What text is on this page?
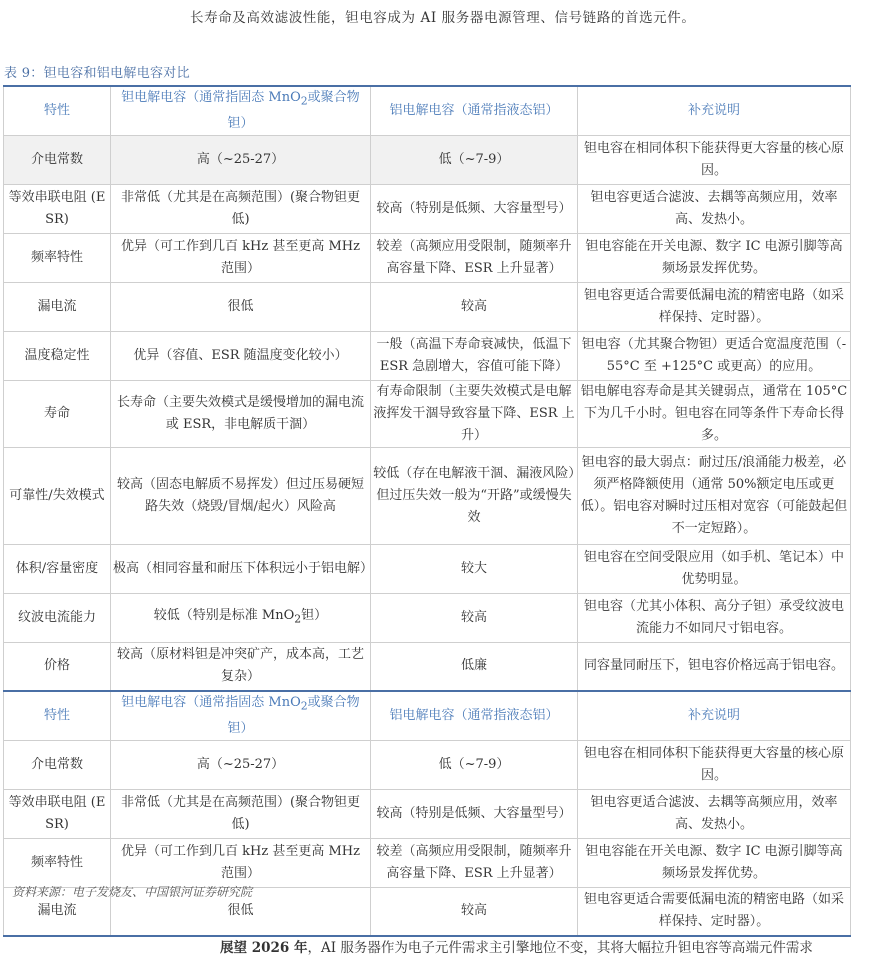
长寿命及高效滤波性能，钽电容成为 AI 服务器电源管理、信号链路的首选元件。
表 9：钽电容和铝电解电容对比
特性	钽电解电容（通常指固态 MnO$_2$或聚合物钽）	铝电解电容（通常指液态铝）	补充说明
介电常数	高（~25-27）	低（~7-9）	钽电容在相同体积下能获得更大容量的核心原因。
等效串联电阻 (ESR)	非常低（尤其是在高频范围）(聚合物钽更低)	较高（特别是低频、大容量型号）	钽电容更适合滤波、去耦等高频应用，效率高、发热小。
频率特性	优异（可工作到几百 kHz 甚至更高 MHz 范围）	较差（高频应用受限制，随频率升高容量下降、ESR 上升显著）	钽电容能在开关电源、数字 IC 电源引脚等高频场景发挥优势。
漏电流	很低	较高	钽电容更适合需要低漏电流的精密电路（如采样保持、定时器）。
温度稳定性	优异（容值、ESR 随温度变化较小）	一般（高温下寿命衰减快，低温下 ESR 急剧增大，容值可能下降）	钽电容（尤其聚合物钽）更适合宽温度范围（-55°C 至 +125°C 或更高）的应用。
寿命	长寿命（主要失效模式是缓慢增加的漏电流或 ESR，非电解质干涸）	有寿命限制（主要失效模式是电解液挥发干涸导致容量下降、ESR 上升）	铝电解电容寿命是其关键弱点，通常在 105°C 下为几千小时。钽电容在同等条件下寿命长得多。
可靠性/失效模式	较高（固态电解质不易挥发）但过压易硬短路失效（烧毁/冒烟/起火）风险高	较低（存在电解液干涸、漏液风险）但过压失效一般为“开路”或缓慢失效	钽电容的最大弱点：耐过压/浪涌能力极差，必须严格降额使用（通常 50%额定电压或更低）。铝电容对瞬时过压相对宽容（可能鼓起但不一定短路）。
体积/容量密度	极高（相同容量和耐压下体积远小于铝电解）	较大	钽电容在空间受限应用（如手机、笔记本）中优势明显。
纹波电流能力	较低（特别是标准 MnO$_2$钽）	较高	钽电容（尤其小体积、高分子钽）承受纹波电流能力不如同尺寸铝电容。
价格	较高（原材料钽是冲突矿产，成本高，工艺复杂）	低廉	同容量同耐压下，钽电容价格远高于铝电容。
特性	钽电解电容（通常指固态 MnO$_2$或聚合物钽）	铝电解电容（通常指液态铝）	补充说明
介电常数	高（~25-27）	低（~7-9）	钽电容在相同体积下能获得更大容量的核心原因。
等效串联电阻 (ESR)	非常低（尤其是在高频范围）(聚合物钽更低)	较高（特别是低频、大容量型号）	钽电容更适合滤波、去耦等高频应用，效率高、发热小。
频率特性	优异（可工作到几百 kHz 甚至更高 MHz 范围）	较差（高频应用受限制，随频率升高容量下降、ESR 上升显著）	钽电容能在开关电源、数字 IC 电源引脚等高频场景发挥优势。
漏电流	很低	较高	钽电容更适合需要低漏电流的精密电路（如采样保持、定时器）。
资料来源：电子发烧友、中国银河证券研究院
展望 2026 年，AI 服务器作为电子元件需求主引擎地位不变，其将大幅拉升钽电容等高端元件需求
